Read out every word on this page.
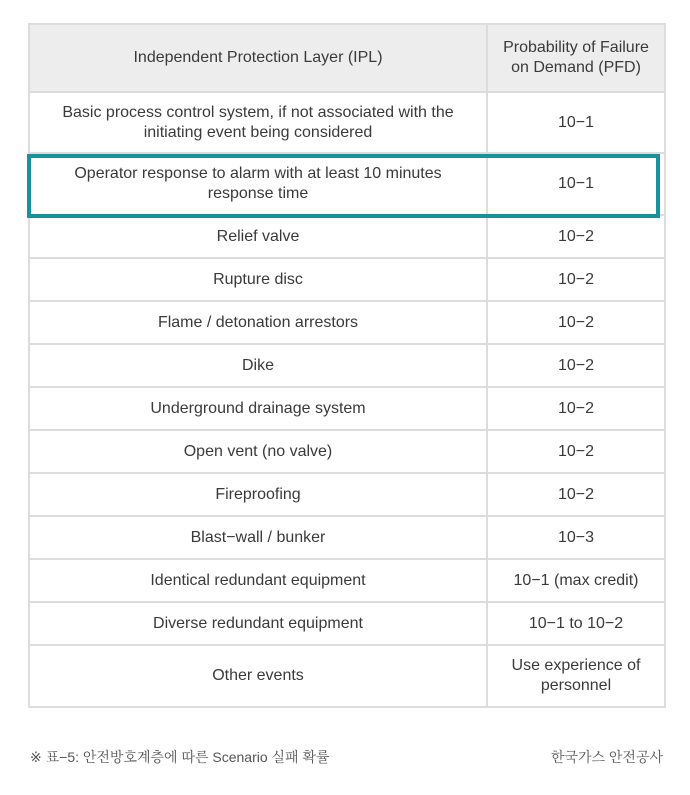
Independent Protection Layer (IPL)	Probability of Failure on Demand (PFD)
Basic process control system, if not associated with the initiating event being considered	10−1
Operator response to alarm with at least 10 minutes response time	10−1
Relief valve	10−2
Rupture disc	10−2
Flame / detonation arrestors	10−2
Dike	10−2
Underground drainage system	10−2
Open vent (no valve)	10−2
Fireproofing	10−2
Blast−wall / bunker	10−3
Identical redundant equipment	10−1 (max credit)
Diverse redundant equipment	10−1 to 10−2
Other events	Use experience of personnel
※ 표−5: 안전방호계층에 따른 Scenario 실패 확률	한국가스 안전공사
